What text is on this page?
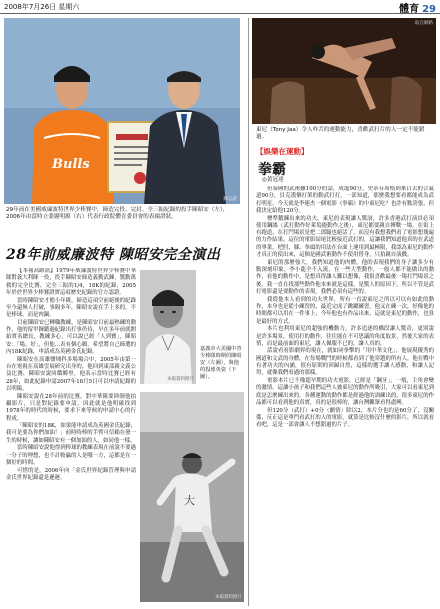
2008年7月26日 星期六	體育 29
Bulls
陳志銓
29年前在美國威廉波特世界少棒賽中，締造完投、完封、全三振紀錄的投手陳昭安（左），2006年由當時立委謝明源（右）代表行政院體育委員會的表揚證狀。
28年前威廉波特 陳昭安完全演出

【本報高路訊】1979年威廉波特世界少棒賽中華隊對義大利隊一役，投手陳昭安締造義勤武鍊，驚動萬救的完全比賽，完全三振的1/4，18K的紀錄，2005年於於世界少棒賽證實這項歷史紀錄的官方認證。

當時陳昭安才擔小年級，締造這項空前絕後的紀錄至今還無人打破，事隔多年，陳昭安說在手上多的，不是棒球，而是肉鍋。

目前陳昭安已轉職教練，是陳昭安目前最熱練的動作，他的留甲鐘聽過紀錄出打事仍待，早在多年前就開始實名總長，教練多心，可以說已經「人到寶」，陳昭安：「場，好」，但他…表有個心願，希望將自己締選的內18K紀錄，申請成為英國金氏紀錄。

陳昭安在高雄鹽埔科多場場合中，2005年由第一台在電視在高雄雲展研究出身的，他回到東部親文義公益比賽，陳昭安說回饋鄉里，他表示當時比賽已經有28年，如此紀錄申請2007年18月5日可以申請紀錄的以明陽。

陳昭安說在28年前的比賽，對中華隊要抑制他拍攝影片，只是對紀錄要申請，因此就是他明確找到1978年的時代的時候，要求下來等候的申請中心的行程成。

「陳昭安的18K，如果能申請成為英國金氏紀錄，我可是要為你們加油！」前時時棒的手臂可信賴在發一生的時候，讓如陳昭安有一個加油的人，如同他一樣。

當時陳昭安說他得到棒球的教練表現在前說不要過一分子的理想，也不計較贏的人是哪一方，這都是在一個好的時間。

可惜的是，2006年向「金氏世界紀錄管理與申請金氏世界紀錄還是遲遲。

本報資料照片
嘉義市大美國中青少棒隊時期的陳昭安（左圖），與他的投球英姿（下圖）。
大
本報資料照片
取自網路
東尼（Tony Jaa）令人咋舌的運動能力，喜歡武打片的人一定不能錯過。
【娛樂在運動】
拳霸
◎黃冠達

但泰國的武術難100分的話，成龍90分，史蒂芬席格則來目去的合氣道90分，貝克漢個打架的動武打打，一部知道，那麼我想要看都能成為武打明星，今天就是李連杰一個電影《拳霸》的中東尼吃？也許有點誇張，但我決定給他120分。

標準鍛鍊出來的功夫，東尼的表現讓人驚訝，許多香港武打演員必須使用鋼絲（武打動作好萊塢能動作之後），東尼都要親自搏戰一場，在街上有跑道，在打鬥場景是把二郎腿也絕活了，而沒有我想我們看了電影想幾遍的力作結果，這位的電影結尾比較接近武打的，這讓我們知道他真的在武道的專業，把肘、膝、拳頭的用法在台面上運用到最極限，我認為東尼的動作才真正的使出來，這個是國武術動作不使用替身，只拍親自演戲。

東尼的那麼強大，我們知道他的肉體，他的表現我們的身子讓多少有點深刻印象，李小龍全不入流，在一些大型動作，一般人都不能做出的動作，看他的動作中，是想真得讓人難以想像，我很喜歡最後一場打鬥場景之後，我一直在找那些動作他本來就是這樣，是驚人的原因下，所以不管是武打電影還是要動作的表現，我們必須有這些的。

我從他本人看到的功夫世界，所有一直說東尼之所以可以有如此的動作，本身也是從小練習的，最近完成了跳躍練習，他又在練一次，好像他的時間都可以用在一件事上，今年他也有作品出來，這就是東尼的動作，也算是最好的方式。

本片也利用東尼的超強的機動力，許多追逐的橋段讓人驚奇，更別說是許多場景，使用打的動作，往往能在不可思議的角度取景，然後大家的表情，而是最前面的東尼，讓人佩服不已的，讓人真的。

話說看看影劇界的現在，就如同拳擊的「用中華文化」，他展現優秀的國道和文武的身體，在每場戰鬥的時候都看到了他穿越的所有人，他在戰中有著功夫的內涵，很有原則的回歸自然，這樣的選手讓人感動，和讓人記得，就像我們看過的那樣。

電影本片已不像超早期的功夫電影，已經是「鋼牙」，一般，主角會變的激情，這讓小孩子和我們這些人被東尼的動作所吸引，大家可以看東尼到底是怎麼練出來的，各種運動的動作都是經過他的訓練出的，很多東尼的作品都可以看到他的真實，真的是很棒的，讓台灣觀眾看得盡興。

但120分（武打）+0分（劇情）除以2，本片分也約是60分了，沒關係，反正這是專門看武打的人的電影，就算是比較沒什麼的影片，所以就看看吧，這是一部會讓人不想錯過的片子。
